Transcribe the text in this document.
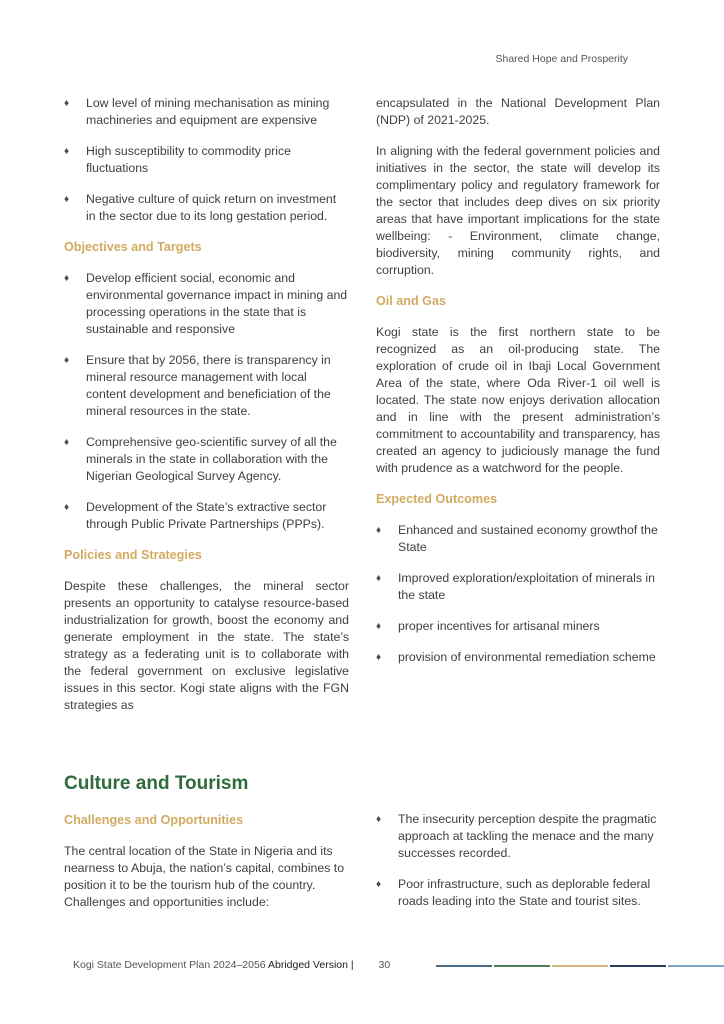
Shared Hope and Prosperity
♦ Low level of mining mechanisation as mining machineries and equipment are expensive
♦ High susceptibility to commodity price fluctuations
♦ Negative culture of quick return on investment in the sector due to its long gestation period.
Objectives and Targets
♦ Develop efficient social, economic and environmental governance impact in mining and processing operations in the state that is sustainable and responsive
♦ Ensure that by 2056, there is transparency in mineral resource management with local content development and beneficiation of the mineral resources in the state.
♦ Comprehensive geo-scientific survey of all the minerals in the state in collaboration with the Nigerian Geological Survey Agency.
♦ Development of the State’s extractive sector through Public Private Partnerships (PPPs).
Policies and Strategies
Despite these challenges, the mineral sector presents an opportunity to catalyse resource-based industrialization for growth, boost the economy and generate employment in the state. The state’s strategy as a federating unit is to collaborate with the federal government on exclusive legislative issues in this sector. Kogi state aligns with the FGN strategies as
encapsulated in the National Development Plan (NDP) of 2021-2025.
In aligning with the federal government policies and initiatives in the sector, the state will develop its complimentary policy and regulatory framework for the sector that includes deep dives on six priority areas that have important implications for the state wellbeing: - Environment, climate change, biodiversity, mining community rights, and corruption.
Oil and Gas
Kogi state is the first northern state to be recognized as an oil-producing state. The exploration of crude oil in Ibaji Local Government Area of the state, where Oda River-1 oil well is located. The state now enjoys derivation allocation and in line with the present administration’s commitment to accountability and transparency, has created an agency to judiciously manage the fund with prudence as a watchword for the people.
Expected Outcomes
♦ Enhanced and sustained economy growthof the State
♦ Improved exploration/exploitation of minerals in the state
♦ proper incentives for artisanal miners
♦ provision of environmental remediation scheme
Culture and Tourism
Challenges and Opportunities
The central location of the State in Nigeria and its nearness to Abuja, the nation’s capital, combines to position it to be the tourism hub of the country. Challenges and opportunities include:
♦ The insecurity perception despite the pragmatic approach at tackling the menace and the many successes recorded.
♦ Poor infrastructure, such as deplorable federal roads leading into the State and tourist sites.
Kogi State Development Plan 2024–2056 Abridged Version | 30
